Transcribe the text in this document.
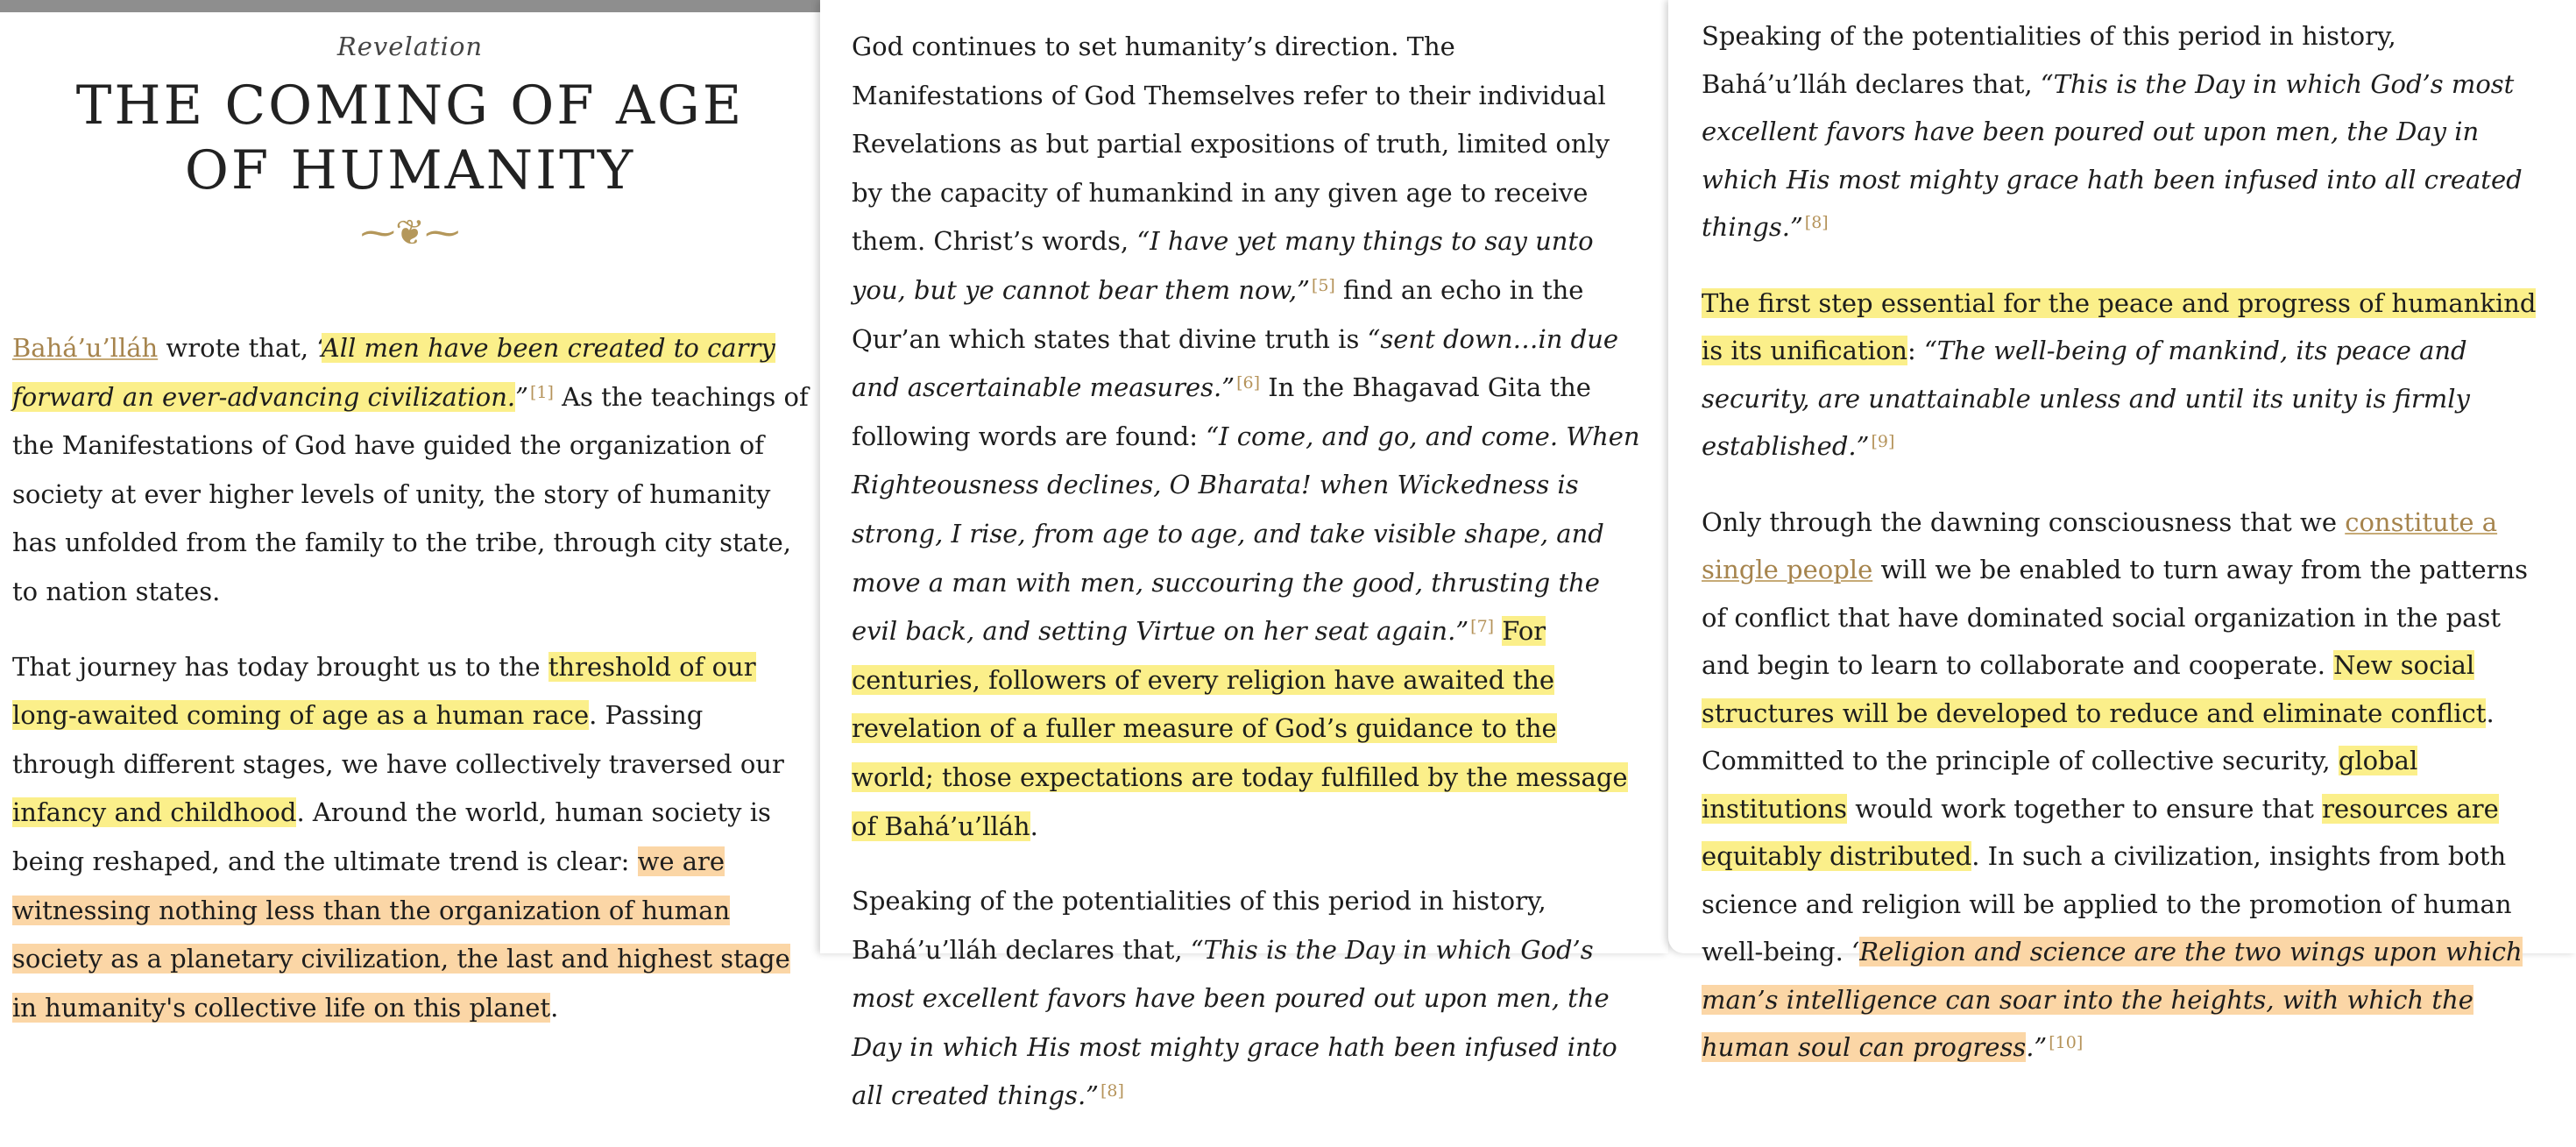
Revelation
THE COMING OF AGE
OF HUMANITY
⁓❦⁓

Bahá’u’lláh wrote that, ‘All men have been created to carry forward an ever-advancing civilization.” [1] As the teachings of the Manifestations of God have guided the organization of society at ever higher levels of unity, the story of humanity has unfolded from the family to the tribe, through city state, to nation states.

That journey has today brought us to the threshold of our long-awaited coming of age as a human race. Passing through different stages, we have collectively traversed our infancy and childhood. Around the world, human society is being reshaped, and the ultimate trend is clear: we are witnessing nothing less than the organization of human society as a planetary civilization, the last and highest stage in humanity's collective life on this planet.

God continues to set humanity’s direction. The Manifestations of God Themselves refer to their individual Revelations as but partial expositions of truth, limited only by the capacity of humankind in any given age to receive them. Christ’s words, “I have yet many things to say unto you, but ye cannot bear them now,” [5] find an echo in the Qur’an which states that divine truth is “sent down…in due and ascertainable measures.” [6] In the Bhagavad Gita the following words are found: “I come, and go, and come. When Righteousness declines, O Bharata! when Wickedness is strong, I rise, from age to age, and take visible shape, and move a man with men, succouring the good, thrusting the evil back, and setting Virtue on her seat again.” [7] For centuries, followers of every religion have awaited the revelation of a fuller measure of God’s guidance to the world; those expectations are today fulfilled by the message of Bahá’u’lláh.

Speaking of the potentialities of this period in history, Bahá’u’lláh declares that, “This is the Day in which God’s most excellent favors have been poured out upon men, the Day in which His most mighty grace hath been infused into all created things.” [8]

Speaking of the potentialities of this period in history, Bahá’u’lláh declares that, “This is the Day in which God’s most excellent favors have been poured out upon men, the Day in which His most mighty grace hath been infused into all created things.” [8]

The first step essential for the peace and progress of humankind is its unification: “The well-being of mankind, its peace and security, are unattainable unless and until its unity is firmly established.” [9]

Only through the dawning consciousness that we constitute a single people will we be enabled to turn away from the patterns of conflict that have dominated social organization in the past and begin to learn to collaborate and cooperate. New social structures will be developed to reduce and eliminate conflict. Committed to the principle of collective security, global institutions would work together to ensure that resources are equitably distributed. In such a civilization, insights from both science and religion will be applied to the promotion of human well-being. ‘Religion and science are the two wings upon which man’s intelligence can soar into the heights, with which the human soul can progress.” [10]
